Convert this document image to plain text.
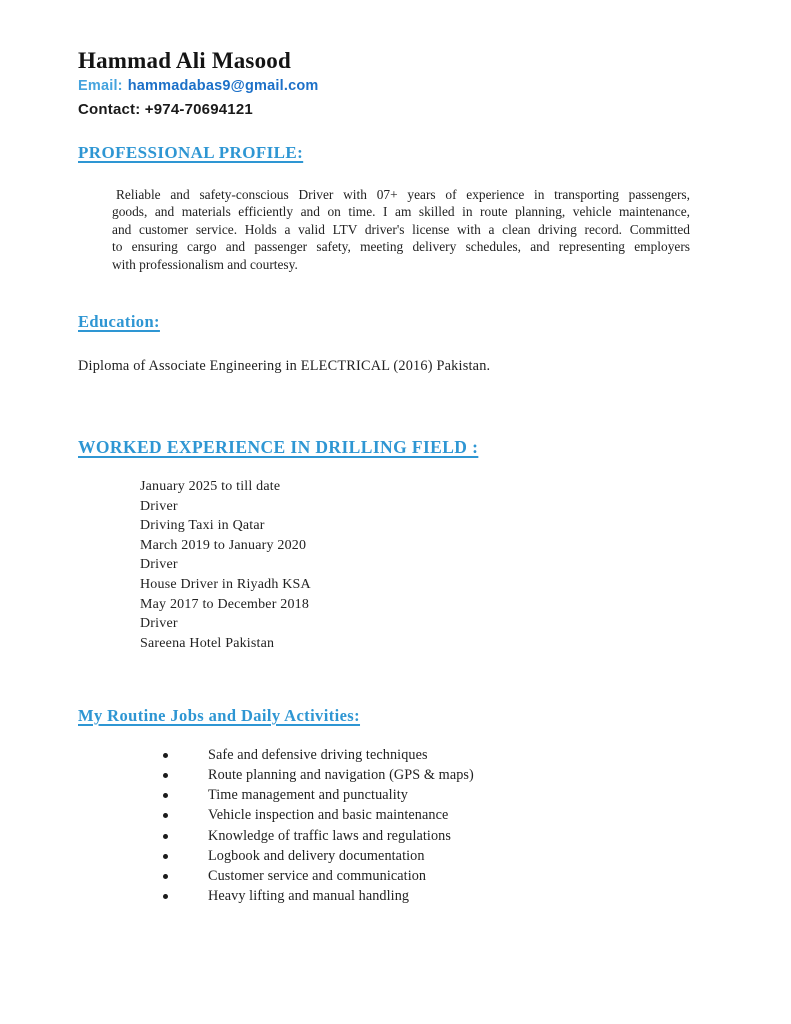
Hammad Ali Masood
Email: hammadabas9@gmail.com
Contact: +974-70694121
PROFESSIONAL PROFILE:
Reliable and safety-conscious Driver with 07+ years of experience in transporting passengers,
goods, and materials efficiently and on time. I am skilled in route planning, vehicle maintenance,
and customer service. Holds a valid LTV driver's license with a clean driving record. Committed
to ensuring cargo and passenger safety, meeting delivery schedules, and representing employers
with professionalism and courtesy.
Education:
Diploma of Associate Engineering in ELECTRICAL (2016) Pakistan.
WORKED EXPERIENCE IN DRILLING FIELD :
January 2025 to till date
Driver
Driving Taxi in Qatar
March 2019 to January 2020
Driver
House Driver in Riyadh KSA
May 2017 to December 2018
Driver
Sareena Hotel Pakistan
My Routine Jobs and Daily Activities:
Safe and defensive driving techniques
Route planning and navigation (GPS & maps)
Time management and punctuality
Vehicle inspection and basic maintenance
Knowledge of traffic laws and regulations
Logbook and delivery documentation
Customer service and communication
Heavy lifting and manual handling
